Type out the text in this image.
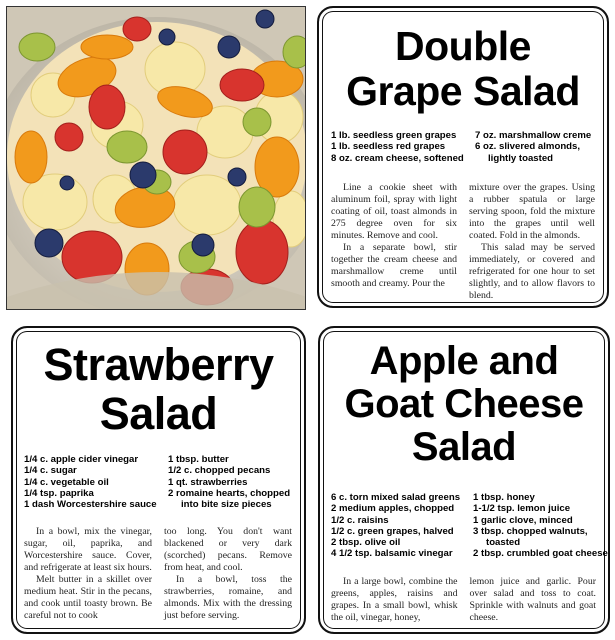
Double
Grape Salad
1 lb. seedless green grapes
1 lb. seedless red grapes
8 oz. cream cheese, softened
7 oz. marshmallow creme
6 oz. slivered almonds,
lightly toasted

Line a cookie sheet with aluminum foil, spray with light coating of oil, toast almonds in 275 degree oven for six minutes. Remove and cool.

In a separate bowl, stir together the cream cheese and marshmallow creme until smooth and creamy. Pour the

mixture over the grapes. Using a rubber spatula or large serving spoon, fold the mixture into the grapes until well coated. Fold in the almonds.

This salad may be served immediately, or covered and refrigerated for one hour to set slightly, and to allow flavors to blend.

Strawberry
Salad
1/4 c. apple cider vinegar
1/4 c. sugar
1/4 c. vegetable oil
1/4 tsp. paprika
1 dash Worcestershire sauce
1 tbsp. butter
1/2 c. chopped pecans
1 qt. strawberries
2 romaine hearts, chopped
into bite size pieces

In a bowl, mix the vinegar, sugar, oil, paprika, and Worcestershire sauce. Cover, and refrigerate at least six hours.

Melt butter in a skillet over medium heat. Stir in the pecans, and cook until toasty brown. Be careful not to cook

too long. You don't want blackened or very dark (scorched) pecans. Remove from heat, and cool.

In a bowl, toss the strawberries, romaine, and almonds. Mix with the dressing just before serving.

Apple and
Goat Cheese
Salad
6 c. torn mixed salad greens
2 medium apples, chopped
1/2 c. raisins
1/2 c. green grapes, halved
2 tbsp. olive oil
4 1/2 tsp. balsamic vinegar
1 tbsp. honey
1-1/2 tsp. lemon juice
1 garlic clove, minced
3 tbsp. chopped walnuts,
toasted
2 tbsp. crumbled goat cheese

In a large bowl, combine the greens, apples, raisins and grapes. In a small bowl, whisk the oil, vinegar, honey,

lemon juice and garlic. Pour over salad and toss to coat. Sprinkle with walnuts and goat cheese.
